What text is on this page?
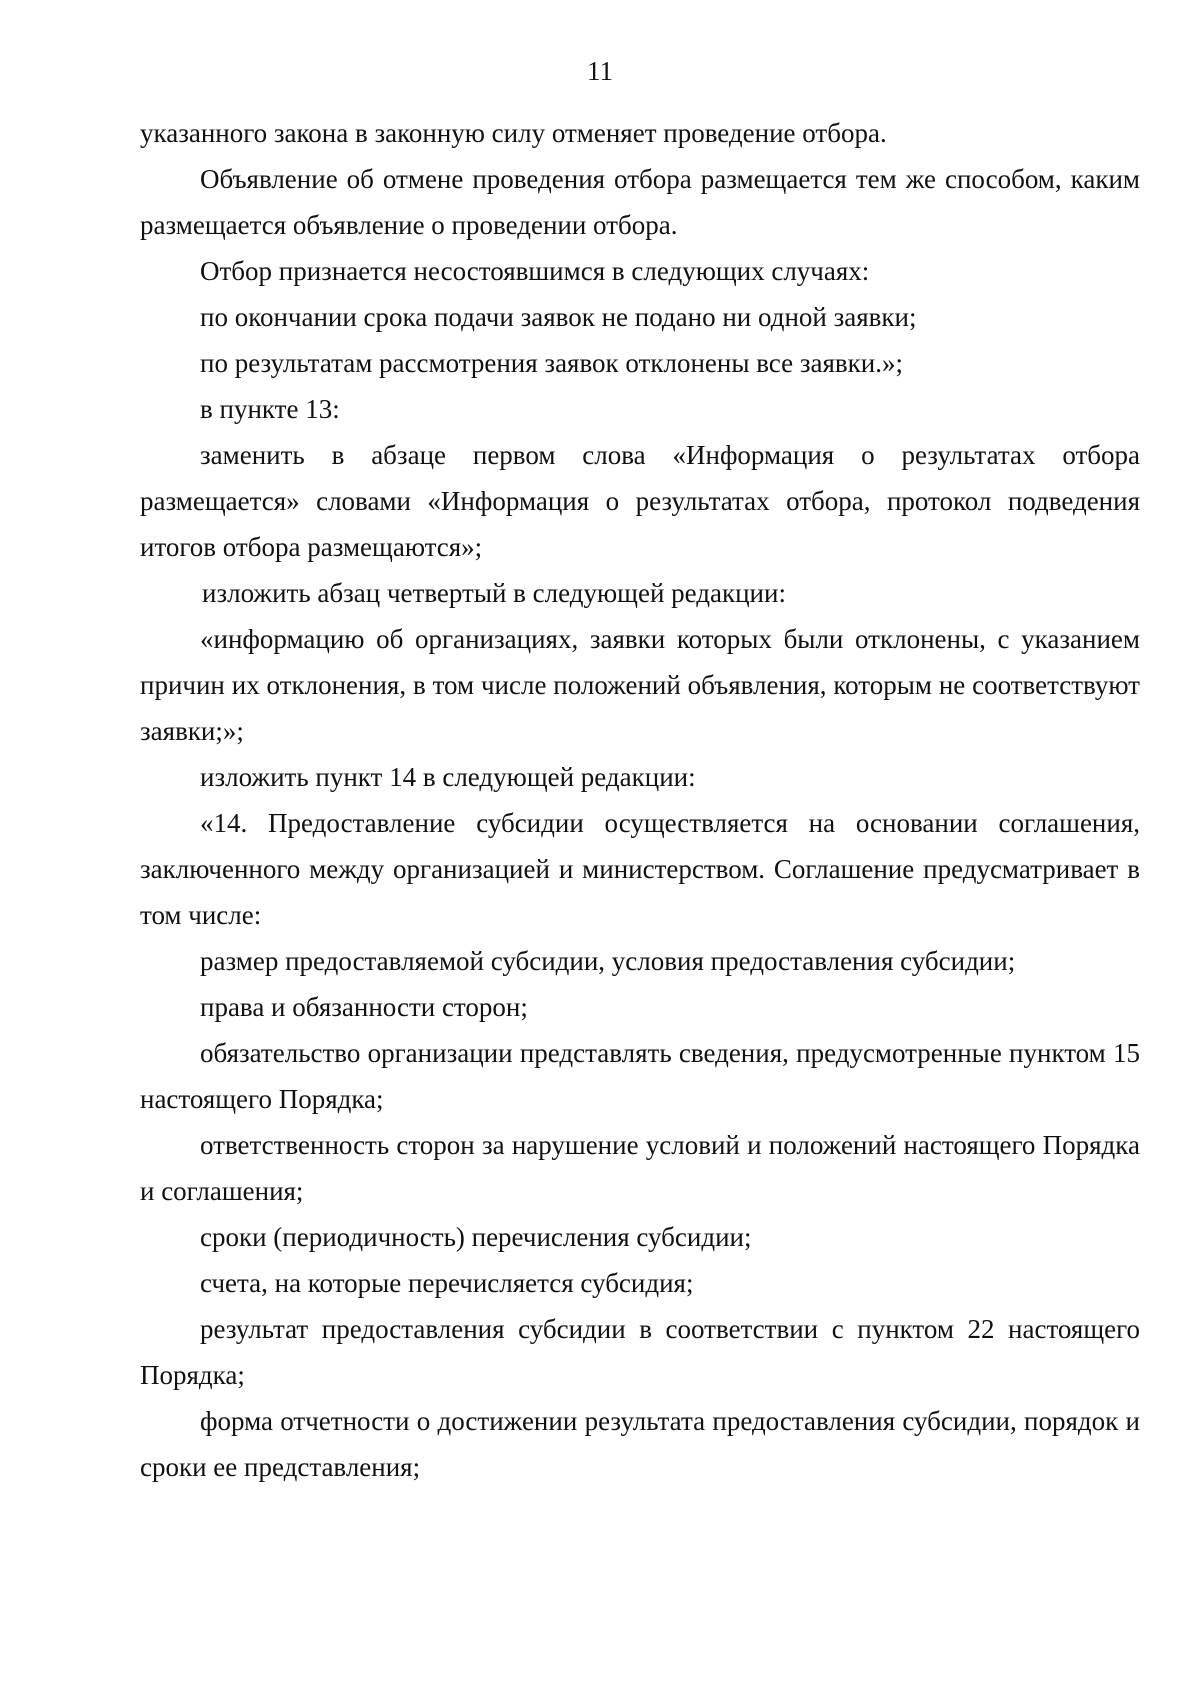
11

указанного закона в законную силу отменяет проведение отбора.

Объявление об отмене проведения отбора размещается тем же способом, каким размещается объявление о проведении отбора.

Отбор признается несостоявшимся в следующих случаях:

по окончании срока подачи заявок не подано ни одной заявки;

по результатам рассмотрения заявок отклонены все заявки.»;

в пункте 13:

заменить в абзаце первом слова «Информация о результатах отбора размещается» словами «Информация о результатах отбора, протокол подведения итогов отбора размещаются»;

изложить абзац четвертый в следующей редакции:

«информацию об организациях, заявки которых были отклонены, с указанием причин их отклонения, в том числе положений объявления, которым не соответствуют заявки;»;

изложить пункт 14 в следующей редакции:

«14. Предоставление субсидии осуществляется на основании соглашения, заключенного между организацией и министерством. Соглашение предусматривает в том числе:

размер предоставляемой субсидии, условия предоставления субсидии;

права и обязанности сторон;

обязательство организации представлять сведения, предусмотренные пунктом 15 настоящего Порядка;

ответственность сторон за нарушение условий и положений настоящего Порядка и соглашения;

сроки (периодичность) перечисления субсидии;

счета, на которые перечисляется субсидия;

результат предоставления субсидии в соответствии с пунктом 22 настоящего Порядка;

форма отчетности о достижении результата предоставления субсидии, порядок и сроки ее представления;
